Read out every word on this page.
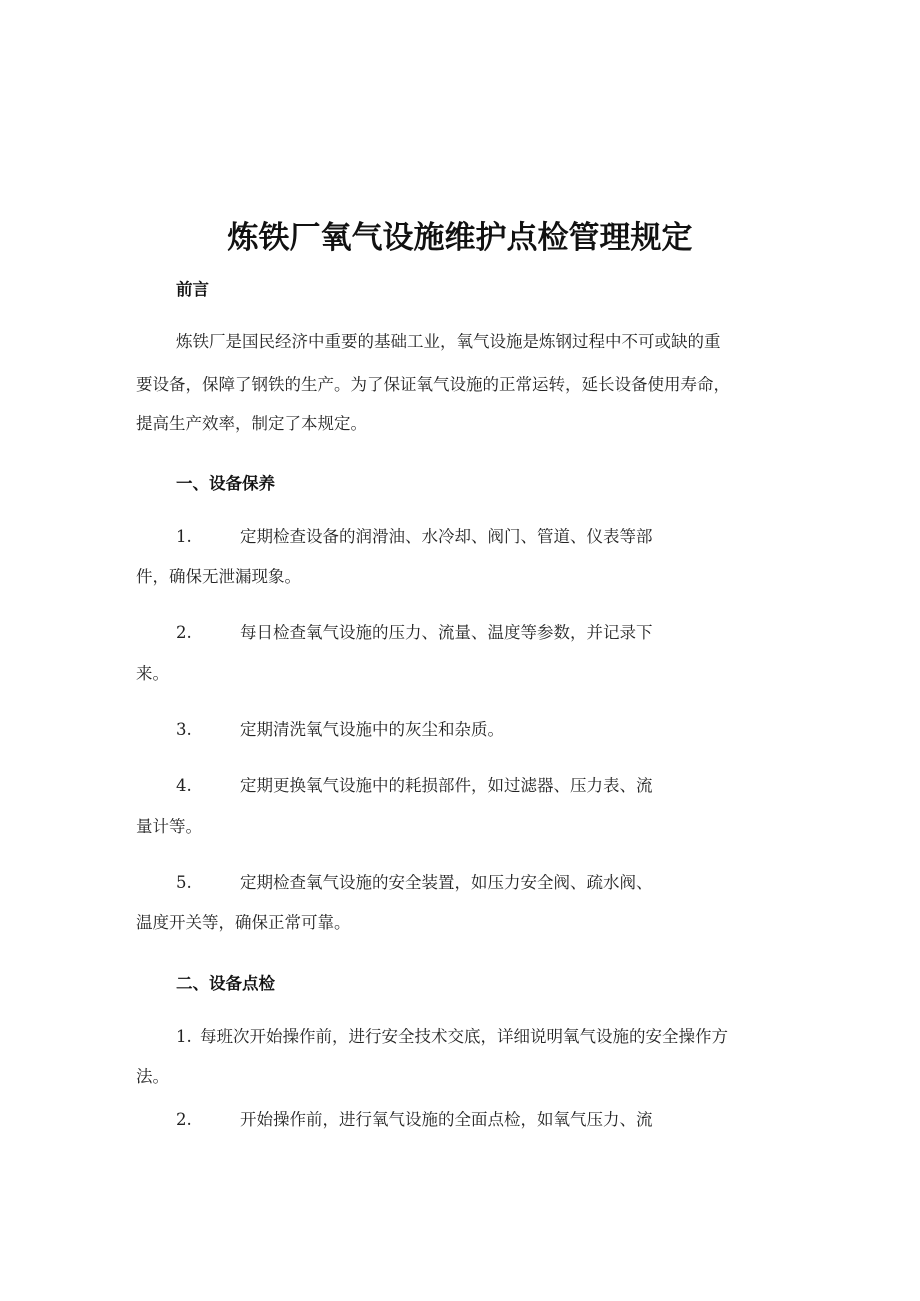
炼铁厂氧气设施维护点检管理规定
前言

炼铁厂是国民经济中重要的基础工业，氧气设施是炼钢过程中不可或缺的重

要设备，保障了钢铁的生产。为了保证氧气设施的正常运转，延长设备使用寿命，

提高生产效率，制定了本规定。

一、设备保养
1.	定期检查设备的润滑油、水冷却、阀门、管道、仪表等部

件，确保无泄漏现象。

2.	每日检查氧气设施的压力、流量、温度等参数，并记录下

来。

3.	定期清洗氧气设施中的灰尘和杂质。

4.	定期更换氧气设施中的耗损部件，如过滤器、压力表、流

量计等。

5.	定期检查氧气设施的安全装置，如压力安全阀、疏水阀、

温度开关等，确保正常可靠。

二、设备点检
1. 每班次开始操作前，进行安全技术交底，详细说明氧气设施的安全操作方

法。

2.	开始操作前，进行氧气设施的全面点检，如氧气压力、流
